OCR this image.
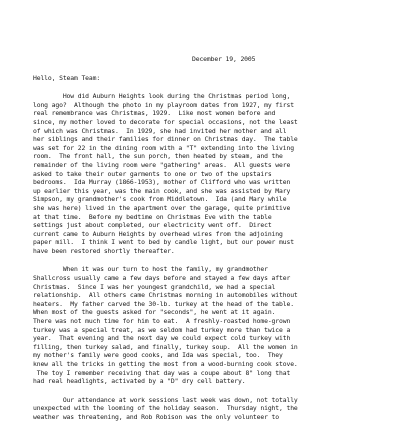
December 19, 2005
Hello, Steam Team:
How did Auburn Heights look during the Christmas period long,
long ago?  Although the photo in my playroom dates from 1927, my first
real remembrance was Christmas, 1929.  Like most women before and
since, my mother loved to decorate for special occasions, not the least
of which was Christmas.  In 1929, she had invited her mother and all
her siblings and their families for dinner on Christmas day.  The table
was set for 22 in the dining room with a "T" extending into the living
room.  The front hall, the sun porch, then heated by steam, and the
remainder of the living room were "gathering" areas.  All guests were
asked to take their outer garments to one or two of the upstairs
bedrooms.  Ida Murray (1866-1953), mother of Clifford who was written
up earlier this year, was the main cook, and she was assisted by Mary
Simpson, my grandmother's cook from Middletown.  Ida (and Mary while
she was here) lived in the apartment over the garage, quite primitive
at that time.  Before my bedtime on Christmas Eve with the table
settings just about completed, our electricity went off.  Direct
current came to Auburn Heights by overhead wires from the adjoining
paper mill.  I think I went to bed by candle light, but our power must
have been restored shortly thereafter.
When it was our turn to host the family, my grandmother
Shallcross usually came a few days before and stayed a few days after
Christmas.  Since I was her youngest grandchild, we had a special
relationship.  All others came Christmas morning in automobiles without
heaters.  My father carved the 30-lb. turkey at the head of the table.
When most of the guests asked for "seconds", he went at it again.
There was not much time for him to eat.  A freshly-roasted home-grown
turkey was a special treat, as we seldom had turkey more than twice a
year.  That evening and the next day we could expect cold turkey with
filling, then turkey salad, and finally, turkey soup.  All the women in
my mother's family were good cooks, and Ida was special, too.  They
knew all the tricks in getting the most from a wood-burning cook stove.
The toy I remember receiving that day was a coupe about 8" long that
had real headlights, activated by a "D" dry cell battery.
Our attendance at work sessions last week was down, not totally
unexpected with the looming of the holiday season.  Thursday night, the
weather was threatening, and Rob Robison was the only volunteer to
